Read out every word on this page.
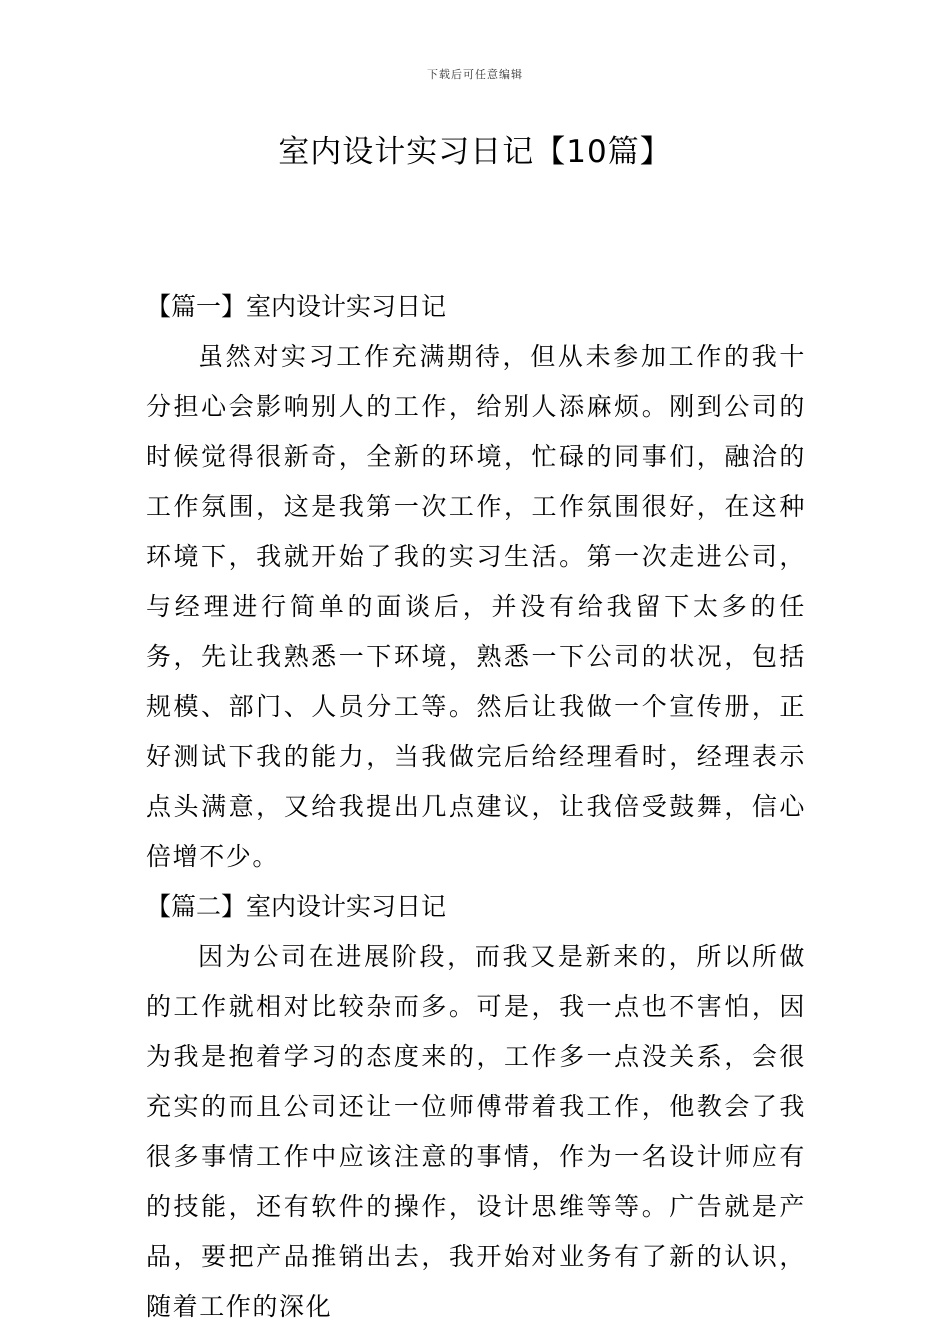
下载后可任意编辑
室内设计实习日记【10篇】
【篇一】室内设计实习日记

虽然对实习工作充满期待，但从未参加工作的我十分担心会影响别人的工作，给别人添麻烦。刚到公司的时候觉得很新奇，全新的环境，忙碌的同事们，融洽的工作氛围，这是我第一次工作，工作氛围很好，在这种环境下，我就开始了我的实习生活。第一次走进公司，与经理进行简单的面谈后，并没有给我留下太多的任务，先让我熟悉一下环境，熟悉一下公司的状况，包括规模、部门、人员分工等。然后让我做一个宣传册，正好测试下我的能力，当我做完后给经理看时，经理表示点头满意，又给我提出几点建议，让我倍受鼓舞，信心倍增不少。

【篇二】室内设计实习日记

因为公司在进展阶段，而我又是新来的，所以所做的工作就相对比较杂而多。可是，我一点也不害怕，因为我是抱着学习的态度来的，工作多一点没关系，会很充实的而且公司还让一位师傅带着我工作，他教会了我很多事情工作中应该注意的事情，作为一名设计师应有的技能，还有软件的操作，设计思维等等。广告就是产品，要把产品推销出去，我开始对业务有了新的认识，随着工作的深化
